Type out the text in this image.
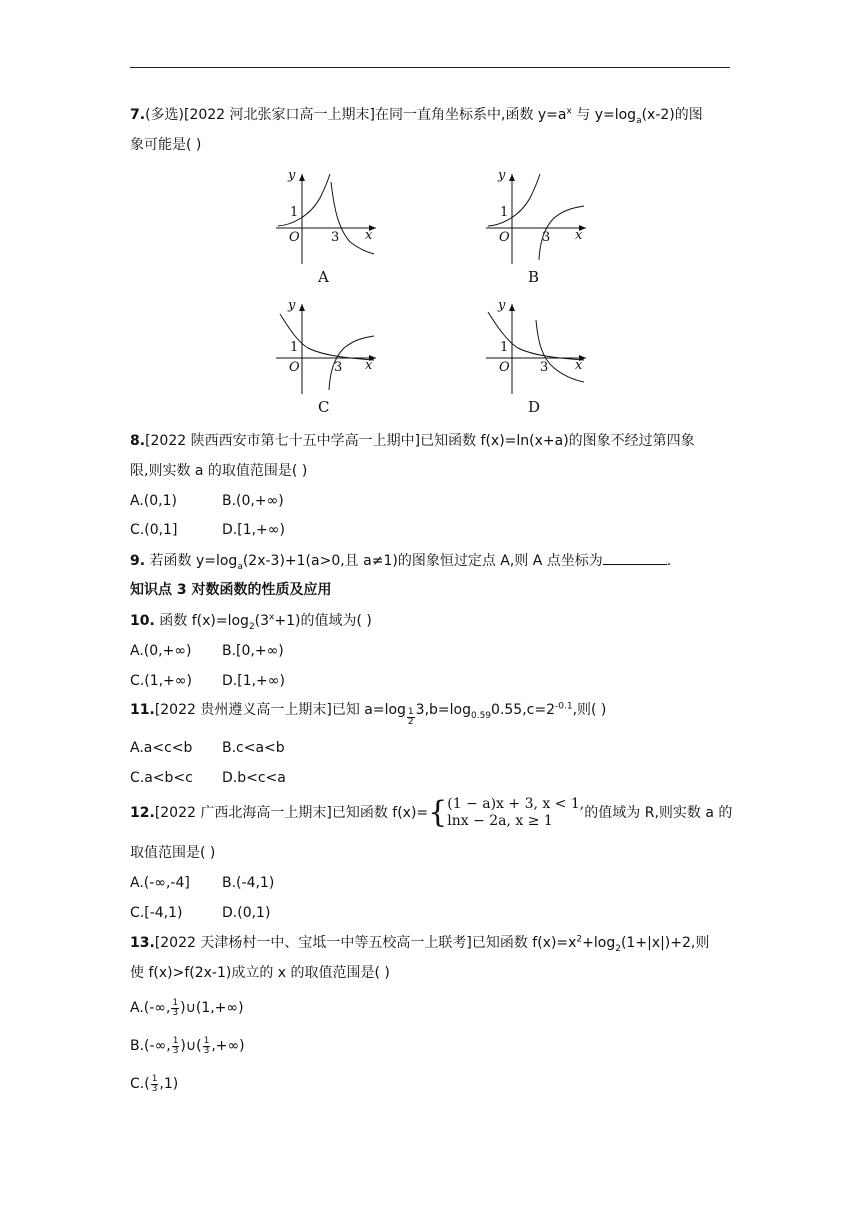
7.(多选)[2022 河北张家口高一上期末]在同一直角坐标系中,函数 $y=a^x$ 与 $y=\log_a(x-2)$的图
象可能是( )
y
1
O 3 x
A
y
1
O 3 x
B
y
1
O	3 x
C
y
1
O 3 x
D
8.[2022 陕西西安市第七十五中学高一上期中]已知函数 f(x)=ln(x+a)的图象不经过第四象
限,则实数 a 的取值范围是( )
A.(0,1)	B.(0,+∞)
C.(0,1]	D.[1,+∞)
9. 若函数 $y=\log_a(2x-3)+1(a>0$,且 a≠1)的图象恒过定点 A,则 A 点坐标为	.
知识点 3 对数函数的性质及应用
10. 函数 $f(x)=\log_2(3^x+1)$的值域为( )
A.(0,+∞) B.[0,+∞)
C.(1,+∞) D.[1,+∞)
11.[2022 贵州遵义高一上期末]已知 $a=\log \frac{1}{2} 3,b=\log_{0.59}0.55,c=2^{-0.1}$,则( )
A.a<c<b B.c<a<b
C.a<b<c D.b<c<a
12.[2022 广西北海高一上期末]已知函数 f(x)={ (1 − a)x + 3, x < 1,
lnx − 2a, x ≥ 1	的值域为 R,则实数 a 的
取值范围是( )
A.(-∞,-4] B.(-4,1)
C.[-4,1)	D.(0,1)
13.[2022 天津杨村一中、宝坻一中等五校高一上联考]已知函数 $f(x)=x^2+\log_2(1+|x|)+2$,则
使 f(x)>f(2x-1)成立的 x 的取值范围是( )
A.(-∞, $\frac{1}{3}$ )∪(1,+∞)
B.(-∞, $\frac{1}{3}$ )∪( $\frac{1}{3}$ ,+∞)
$C.( \frac{1}{3} ,1)$
